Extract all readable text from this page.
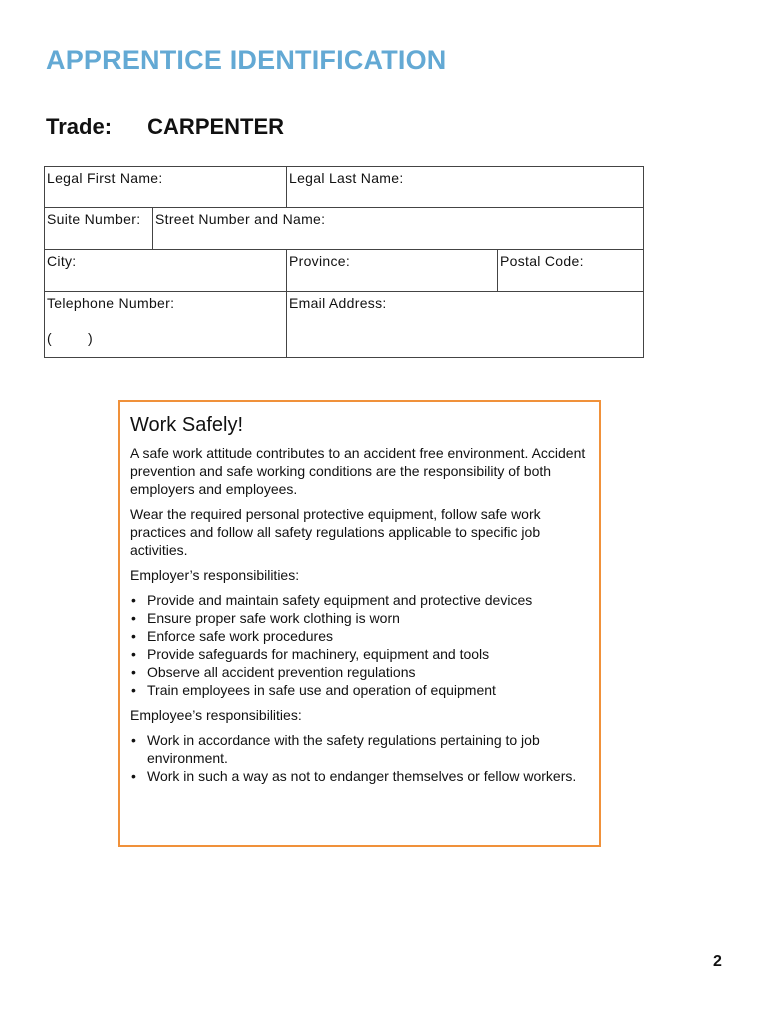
APPRENTICE IDENTIFICATION
Trade: CARPENTER
Legal First Name:	Legal Last Name:
Suite Number:	Street Number and Name:
City:	Province:	Postal Code:
Telephone Number:
(	)
Email Address:
Work Safely!

A safe work attitude contributes to an accident free environment. Accident prevention and safe working conditions are the responsibility of both employers and employees.

Wear the required personal protective equipment, follow safe work practices and follow all safety regulations applicable to specific job activities.

Employer’s responsibilities:

• Provide and maintain safety equipment and protective devices
• Ensure proper safe work clothing is worn
• Enforce safe work procedures
• Provide safeguards for machinery, equipment and tools
• Observe all accident prevention regulations
• Train employees in safe use and operation of equipment

Employee’s responsibilities:

• Work in accordance with the safety regulations pertaining to job environment.
• Work in such a way as not to endanger themselves or fellow workers.
2
